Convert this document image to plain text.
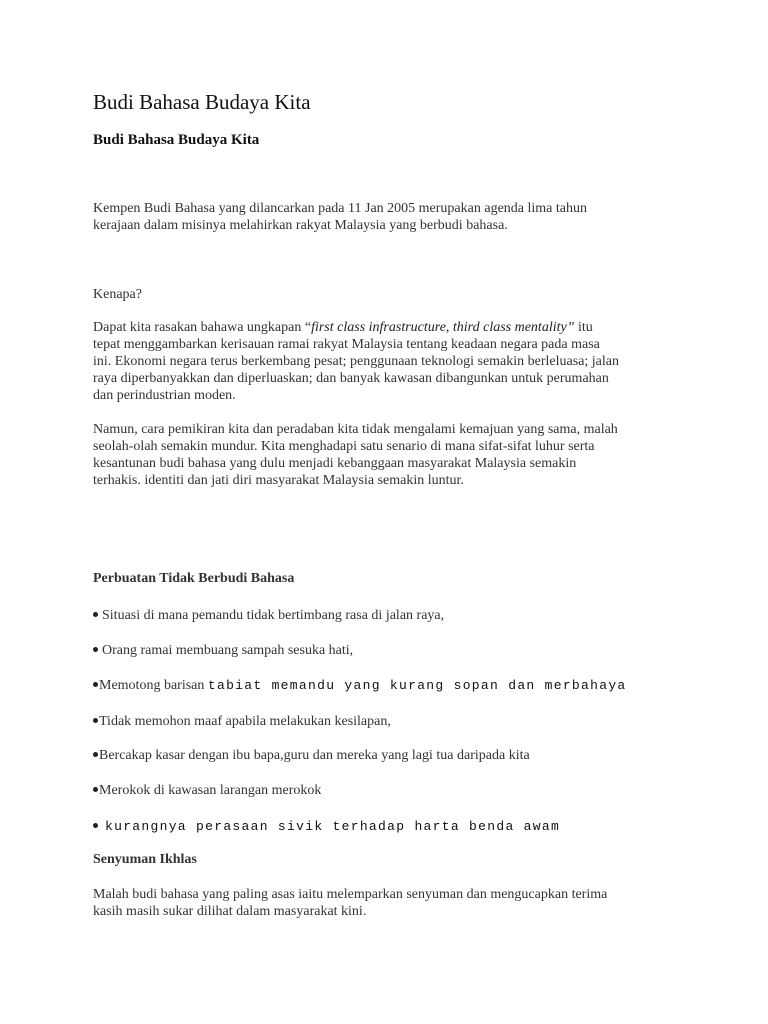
Budi Bahasa Budaya Kita
Budi Bahasa Budaya Kita

Kempen Budi Bahasa yang dilancarkan pada 11 Jan 2005 merupakan agenda lima tahun
kerajaan dalam misinya melahirkan rakyat Malaysia yang berbudi bahasa.

Kenapa?

Dapat kita rasakan bahawa ungkapan “first class infrastructure, third class mentality” itu
tepat menggambarkan kerisauan ramai rakyat Malaysia tentang keadaan negara pada masa
ini. Ekonomi negara terus berkembang pesat; penggunaan teknologi semakin berleluasa; jalan
raya diperbanyakkan dan diperluaskan; dan banyak kawasan dibangunkan untuk perumahan
dan perindustrian moden.

Namun, cara pemikiran kita dan peradaban kita tidak mengalami kemajuan yang sama, malah
seolah-olah semakin mundur. Kita menghadapi satu senario di mana sifat-sifat luhur serta
kesantunan budi bahasa yang dulu menjadi kebanggaan masyarakat Malaysia semakin
terhakis. identiti dan jati diri masyarakat Malaysia semakin luntur.

Perbuatan Tidak Berbudi Bahasa

Situasi di mana pemandu tidak bertimbang rasa di jalan raya,

Orang ramai membuang sampah sesuka hati,

Memotong barisan tabiat memandu yang kurang sopan dan merbahaya

Tidak memohon maaf apabila melakukan kesilapan,

Bercakap kasar dengan ibu bapa,guru dan mereka yang lagi tua daripada kita

Merokok di kawasan larangan merokok

kurangnya perasaan sivik terhadap harta benda awam

Senyuman Ikhlas

Malah budi bahasa yang paling asas iaitu melemparkan senyuman dan mengucapkan terima
kasih masih sukar dilihat dalam masyarakat kini.
